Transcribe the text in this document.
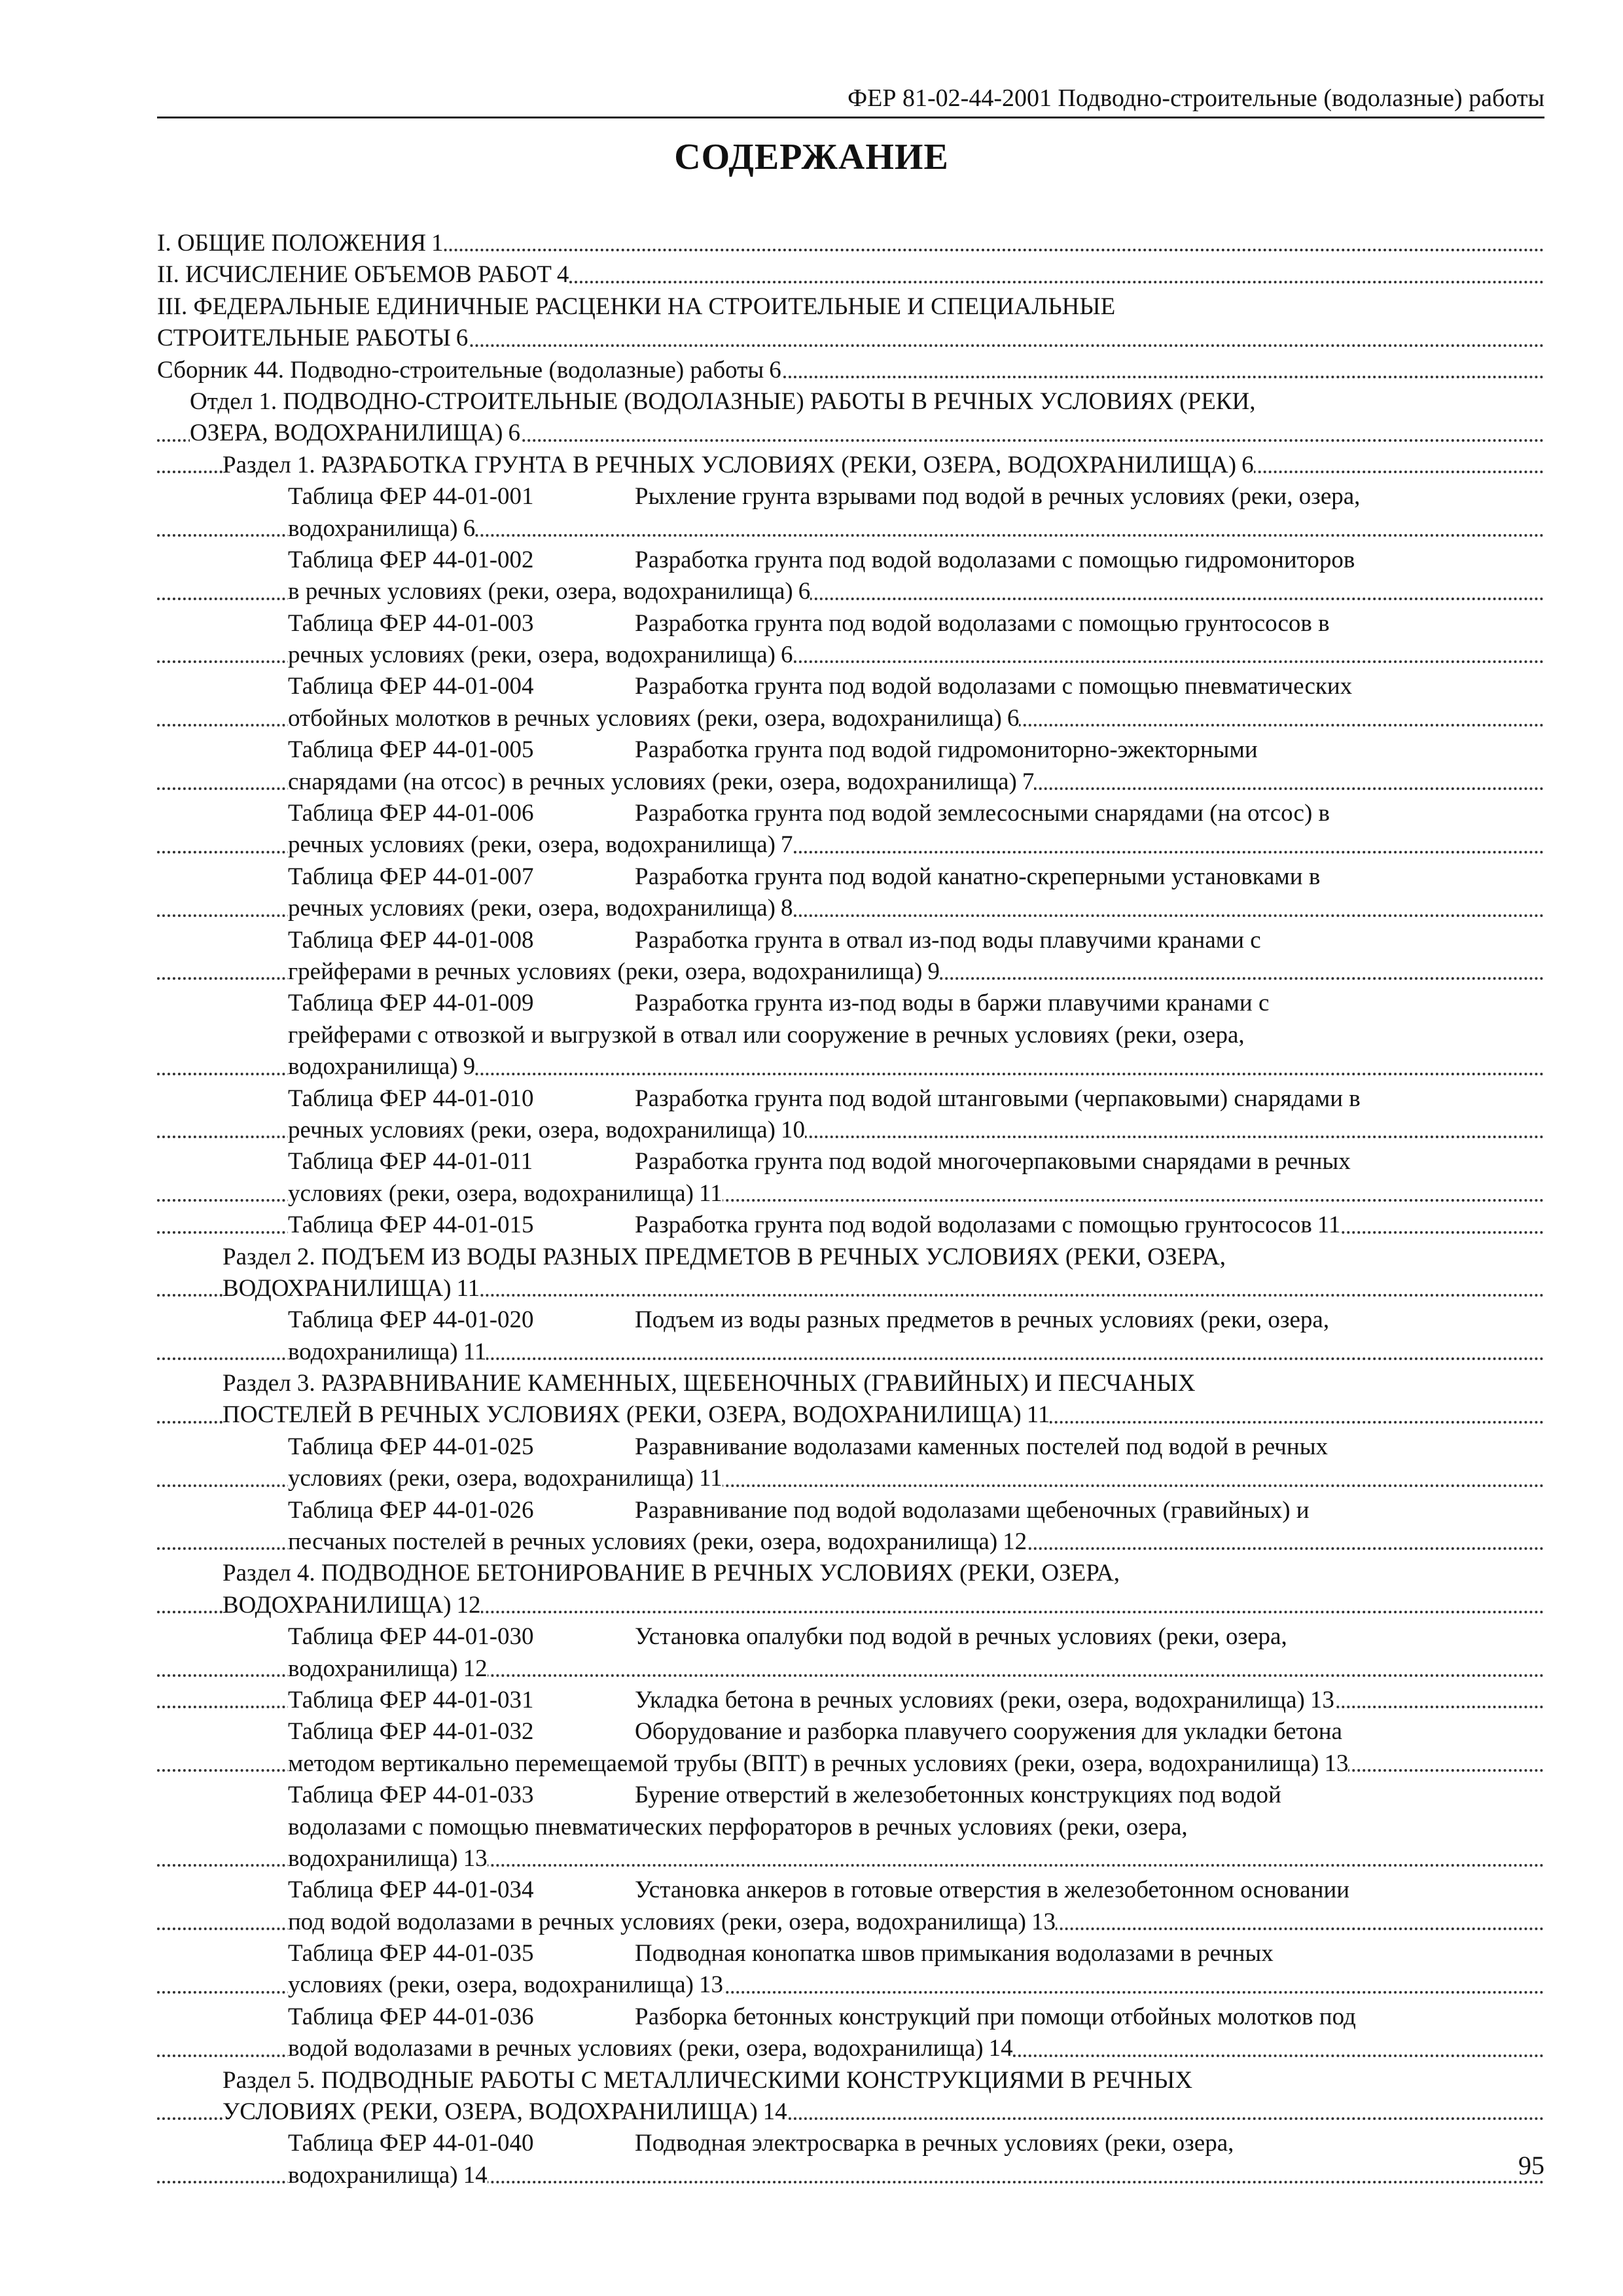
ФЕР 81-02-44-2001 Подводно-строительные (водолазные) работы
СОДЕРЖАНИЕ
I. ОБЩИЕ ПОЛОЖЕНИЯ 1
II. ИСЧИСЛЕНИЕ ОБЪЕМОВ РАБОТ 4
III. ФЕДЕРАЛЬНЫЕ ЕДИНИЧНЫЕ РАСЦЕНКИ НА СТРОИТЕЛЬНЫЕ И СПЕЦИАЛЬНЫЕ
СТРОИТЕЛЬНЫЕ РАБОТЫ 6
Сборник 44. Подводно-строительные (водолазные) работы 6
Отдел 1. ПОДВОДНО-СТРОИТЕЛЬНЫЕ (ВОДОЛАЗНЫЕ) РАБОТЫ В РЕЧНЫХ УСЛОВИЯХ (РЕКИ,
ОЗЕРА, ВОДОХРАНИЛИЩА) 6
Раздел 1. РАЗРАБОТКА ГРУНТА В РЕЧНЫХ УСЛОВИЯХ (РЕКИ, ОЗЕРА, ВОДОХРАНИЛИЩА) 6
Таблица ФЕР 44-01-001	Рыхление грунта взрывами под водой в речных условиях (реки, озера,
водохранилища) 6
Таблица ФЕР 44-01-002	Разработка грунта под водой водолазами с помощью гидромониторов
в речных условиях (реки, озера, водохранилища) 6
Таблица ФЕР 44-01-003	Разработка грунта под водой водолазами с помощью грунтососов в
речных условиях (реки, озера, водохранилища) 6
Таблица ФЕР 44-01-004	Разработка грунта под водой водолазами с помощью пневматических
отбойных молотков в речных условиях (реки, озера, водохранилища) 6
Таблица ФЕР 44-01-005	Разработка грунта под водой гидромониторно-эжекторными
снарядами (на отсос) в речных условиях (реки, озера, водохранилища) 7
Таблица ФЕР 44-01-006	Разработка грунта под водой землесосными снарядами (на отсос) в
речных условиях (реки, озера, водохранилища) 7
Таблица ФЕР 44-01-007	Разработка грунта под водой канатно-скреперными установками в
речных условиях (реки, озера, водохранилища) 8
Таблица ФЕР 44-01-008	Разработка грунта в отвал из-под воды плавучими кранами с
грейферами в речных условиях (реки, озера, водохранилища) 9
Таблица ФЕР 44-01-009	Разработка грунта из-под воды в баржи плавучими кранами с
грейферами с отвозкой и выгрузкой в отвал или сооружение в речных условиях (реки, озера,
водохранилища) 9
Таблица ФЕР 44-01-010	Разработка грунта под водой штанговыми (черпаковыми) снарядами в
речных условиях (реки, озера, водохранилища) 10
Таблица ФЕР 44-01-011	Разработка грунта под водой многочерпаковыми снарядами в речных
условиях (реки, озера, водохранилища) 11
Таблица ФЕР 44-01-015	Разработка грунта под водой водолазами с помощью грунтососов 11
Раздел 2. ПОДЪЕМ ИЗ ВОДЫ РАЗНЫХ ПРЕДМЕТОВ В РЕЧНЫХ УСЛОВИЯХ (РЕКИ, ОЗЕРА,
ВОДОХРАНИЛИЩА) 11
Таблица ФЕР 44-01-020	Подъем из воды разных предметов в речных условиях (реки, озера,
водохранилища) 11
Раздел 3. РАЗРАВНИВАНИЕ КАМЕННЫХ, ЩЕБЕНОЧНЫХ (ГРАВИЙНЫХ) И ПЕСЧАНЫХ
ПОСТЕЛЕЙ В РЕЧНЫХ УСЛОВИЯХ (РЕКИ, ОЗЕРА, ВОДОХРАНИЛИЩА) 11
Таблица ФЕР 44-01-025	Разравнивание водолазами каменных постелей под водой в речных
условиях (реки, озера, водохранилища) 11
Таблица ФЕР 44-01-026	Разравнивание под водой водолазами щебеночных (гравийных) и
песчаных постелей в речных условиях (реки, озера, водохранилища) 12
Раздел 4. ПОДВОДНОЕ БЕТОНИРОВАНИЕ В РЕЧНЫХ УСЛОВИЯХ (РЕКИ, ОЗЕРА,
ВОДОХРАНИЛИЩА) 12
Таблица ФЕР 44-01-030	Установка опалубки под водой в речных условиях (реки, озера,
водохранилища) 12
Таблица ФЕР 44-01-031	Укладка бетона в речных условиях (реки, озера, водохранилища) 13
Таблица ФЕР 44-01-032	Оборудование и разборка плавучего сооружения для укладки бетона
методом вертикально перемещаемой трубы (ВПТ) в речных условиях (реки, озера, водохранилища) 13
Таблица ФЕР 44-01-033	Бурение отверстий в железобетонных конструкциях под водой
водолазами с помощью пневматических перфораторов в речных условиях (реки, озера,
водохранилища) 13
Таблица ФЕР 44-01-034	Установка анкеров в готовые отверстия в железобетонном основании
под водой водолазами в речных условиях (реки, озера, водохранилища) 13
Таблица ФЕР 44-01-035	Подводная конопатка швов примыкания водолазами в речных
условиях (реки, озера, водохранилища) 13
Таблица ФЕР 44-01-036	Разборка бетонных конструкций при помощи отбойных молотков под
водой водолазами в речных условиях (реки, озера, водохранилища) 14
Раздел 5. ПОДВОДНЫЕ РАБОТЫ С МЕТАЛЛИЧЕСКИМИ КОНСТРУКЦИЯМИ В РЕЧНЫХ
УСЛОВИЯХ (РЕКИ, ОЗЕРА, ВОДОХРАНИЛИЩА) 14
Таблица ФЕР 44-01-040	Подводная электросварка в речных условиях (реки, озера,
водохранилища) 14	95
